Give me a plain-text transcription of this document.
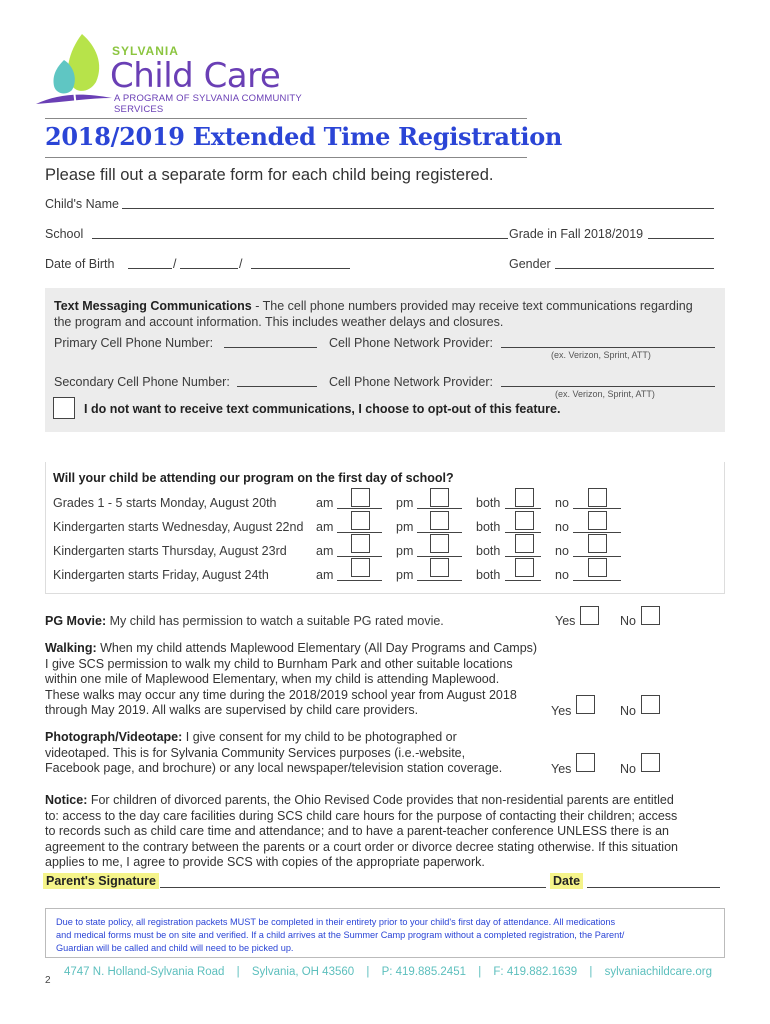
SYLVANIA
Child Care
A PROGRAM OF SYLVANIA COMMUNITY SERVICES
2018/2019 Extended Time Registration
Please fill out a separate form for each child being registered.
Child's Name
School	Grade in Fall 2018/2019
Date of Birth	/	/	Gender
Text Messaging Communications - The cell phone numbers provided may receive text communications regarding
the program and account information. This includes weather delays and closures.
Primary Cell Phone Number:	Cell Phone Network Provider:
(ex. Verizon, Sprint, ATT)
Secondary Cell Phone Number:	Cell Phone Network Provider:
(ex. Verizon, Sprint, ATT)
I do not want to receive text communications, I choose to opt-out of this feature.
Will your child be attending our program on the first day of school?
Grades 1 - 5 starts Monday, August 20th	am	pm	both	no
Kindergarten starts Wednesday, August 22nd am	pm	both	no
Kindergarten starts Thursday, August 23rd am	pm	both	no
Kindergarten starts Friday, August 24th	am	pm	both	no
PG Movie: My child has permission to watch a suitable PG rated movie.	Yes	No
Walking: When my child attends Maplewood Elementary (All Day Programs and Camps)
I give SCS permission to walk my child to Burnham Park and other suitable locations
within one mile of Maplewood Elementary, when my child is attending Maplewood.
These walks may occur any time during the 2018/2019 school year from August 2018
through May 2019. All walks are supervised by child care providers.	Yes	No
Photograph/Videotape: I give consent for my child to be photographed or
videotaped. This is for Sylvania Community Services purposes (i.e.-website,
Facebook page, and brochure) or any local newspaper/television station coverage.	Yes	No
Notice: For children of divorced parents, the Ohio Revised Code provides that non-residential parents are entitled
to: access to the day care facilities during SCS child care hours for the purpose of contacting their children; access
to records such as child care time and attendance; and to have a parent-teacher conference UNLESS there is an
agreement to the contrary between the parents or a court order or divorce decree stating otherwise. If this situation
applies to me, I agree to provide SCS with copies of the appropriate paperwork.
Parent's Signature	Date
Due to state policy, all registration packets MUST be completed in their entirety prior to your child's first day of attendance. All medications
and medical forms must be on site and verified. If a child arrives at the Summer Camp program without a completed registration, the Parent/
Guardian will be called and child will need to be picked up.
2
4747 N. Holland-Sylvania Road | Sylvania, OH 43560 | P: 419.885.2451 | F: 419.882.1639 | sylvaniachildcare.org
